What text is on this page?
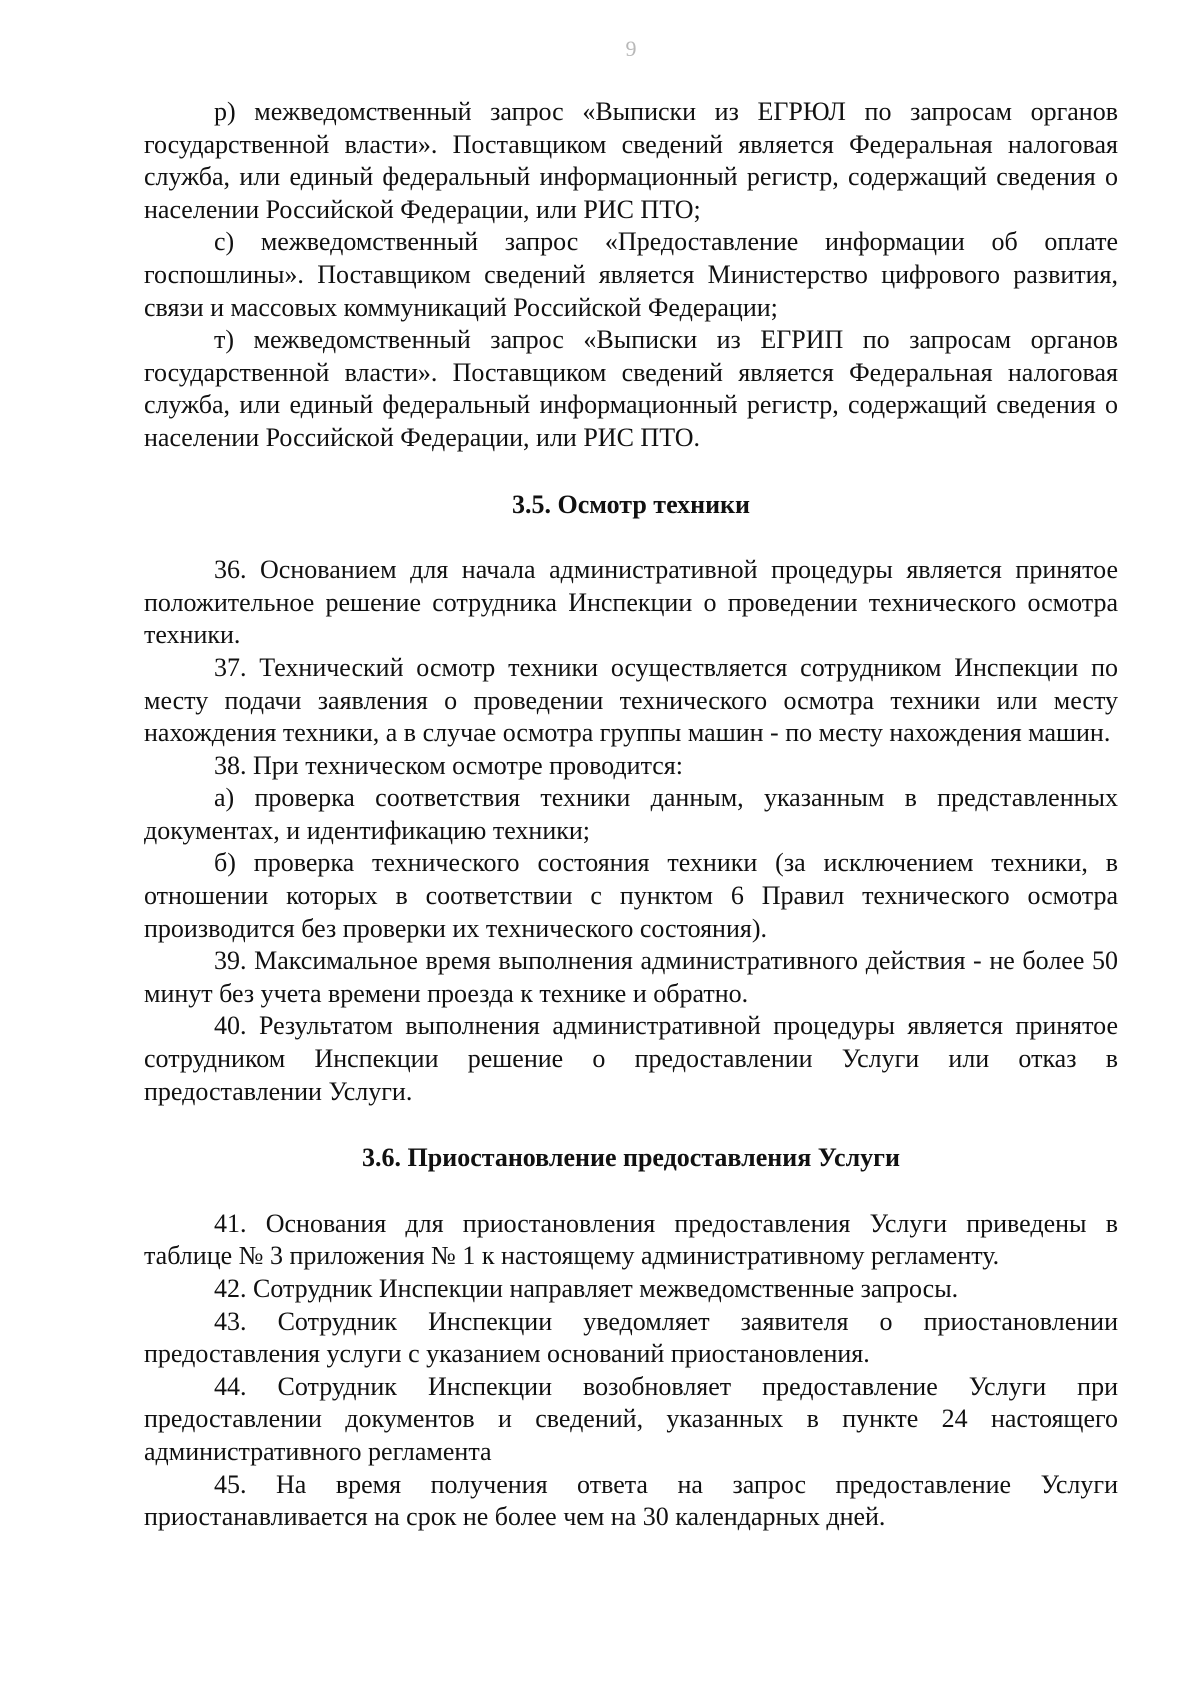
9

р) межведомственный запрос «Выписки из ЕГРЮЛ по запросам органов государственной власти». Поставщиком сведений является Федеральная налоговая служба, или единый федеральный информационный регистр, содержащий сведения о населении Российской Федерации, или РИС ПТО;

с) межведомственный запрос «Предоставление информации об оплате госпошлины». Поставщиком сведений является Министерство цифрового развития, связи и массовых коммуникаций Российской Федерации;

т) межведомственный запрос «Выписки из ЕГРИП по запросам органов государственной власти». Поставщиком сведений является Федеральная налоговая служба, или единый федеральный информационный регистр, содержащий сведения о населении Российской Федерации, или РИС ПТО.

3.5. Осмотр техники

36. Основанием для начала административной процедуры является принятое положительное решение сотрудника Инспекции о проведении технического осмотра техники.

37. Технический осмотр техники осуществляется сотрудником Инспекции по месту подачи заявления о проведении технического осмотра техники или месту нахождения техники, а в случае осмотра группы машин - по месту нахождения машин.

38. При техническом осмотре проводится:

а) проверка соответствия техники данным, указанным в представленных документах, и идентификацию техники;

б) проверка технического состояния техники (за исключением техники, в отношении которых в соответствии с пунктом 6 Правил технического осмотра производится без проверки их технического состояния).

39. Максимальное время выполнения административного действия - не более 50 минут без учета времени проезда к технике и обратно.

40. Результатом выполнения административной процедуры является принятое сотрудником Инспекции решение о предоставлении Услуги или отказ в предоставлении Услуги.

3.6. Приостановление предоставления Услуги

41. Основания для приостановления предоставления Услуги приведены в таблице № 3 приложения № 1 к настоящему административному регламенту.

42. Сотрудник Инспекции направляет межведомственные запросы.

43. Сотрудник Инспекции уведомляет заявителя о приостановлении предоставления услуги с указанием оснований приостановления.

44. Сотрудник Инспекции возобновляет предоставление Услуги при предоставлении документов и сведений, указанных в пункте 24 настоящего административного регламента

45. На время получения ответа на запрос предоставление Услуги приостанавливается на срок не более чем на 30 календарных дней.
